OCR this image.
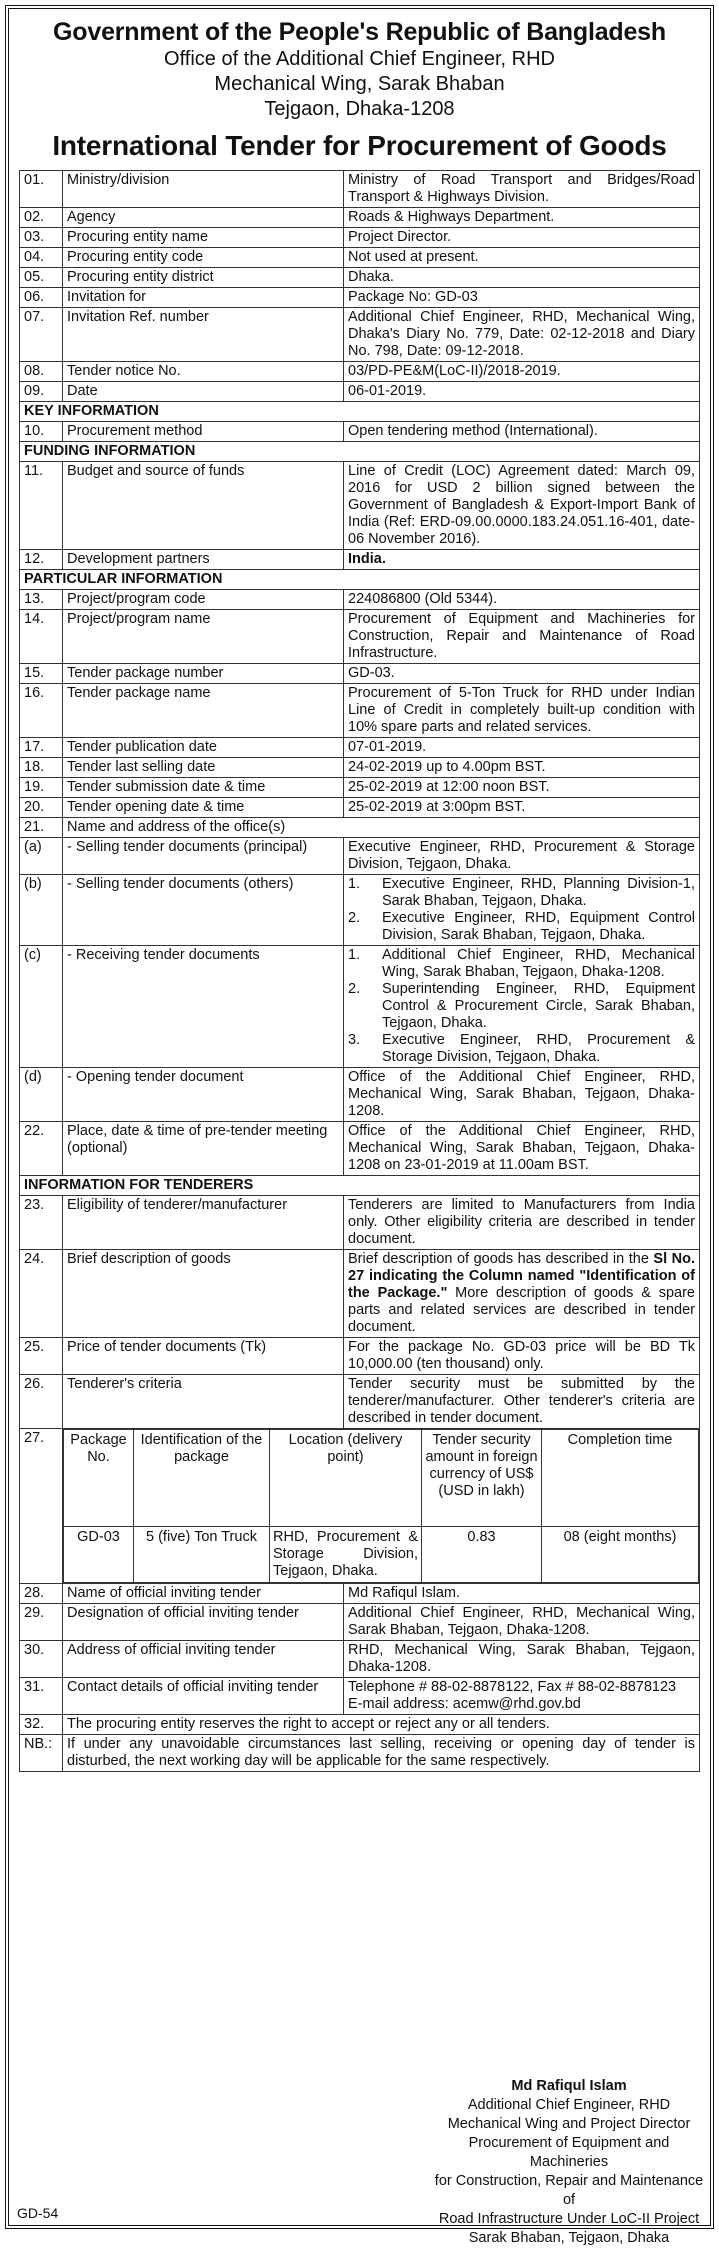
Government of the People's Republic of Bangladesh
Office of the Additional Chief Engineer, RHD
Mechanical Wing, Sarak Bhaban
Tejgaon, Dhaka-1208
International Tender for Procurement of Goods
01.	Ministry/division	Ministry of Road Transport and Bridges/Road Transport & Highways Division.
02.	Agency	Roads & Highways Department.
03.	Procuring entity name	Project Director.
04.	Procuring entity code	Not used at present.
05.	Procuring entity district	Dhaka.
06.	Invitation for	Package No: GD-03
07.	Invitation Ref. number	Additional Chief Engineer, RHD, Mechanical Wing, Dhaka's Diary No. 779, Date: 02-12-2018 and Diary No. 798, Date: 09-12-2018.
08.	Tender notice No.	03/PD-PE&M(LoC-II)/2018-2019.
09.	Date	06-01-2019.
KEY INFORMATION
10.	Procurement method	Open tendering method (International).
FUNDING INFORMATION
11.	Budget and source of funds	Line of Credit (LOC) Agreement dated: March 09, 2016 for USD 2 billion signed between the Government of Bangladesh & Export-Import Bank of India (Ref: ERD-09.00.0000.183.24.051.16-401, date-06 November 2016).
12.	Development partners	India.
PARTICULAR INFORMATION
13.	Project/program code	224086800 (Old 5344).
14.	Project/program name	Procurement of Equipment and Machineries for Construction, Repair and Maintenance of Road Infrastructure.
15.	Tender package number	GD-03.
16.	Tender package name	Procurement of 5-Ton Truck for RHD under Indian Line of Credit in completely built-up condition with 10% spare parts and related services.
17.	Tender publication date	07-01-2019.
18.	Tender last selling date	24-02-2019 up to 4.00pm BST.
19.	Tender submission date & time	25-02-2019 at 12:00 noon BST.
20.	Tender opening date & time	25-02-2019 at 3:00pm BST.
21.	Name and address of the office(s)
(a)	- Selling tender documents (principal)	Executive Engineer, RHD, Procurement & Storage Division, Tejgaon, Dhaka.
(b)	- Selling tender documents (others)	1.	Executive Engineer, RHD, Planning Division-1, Sarak Bhaban, Tejgaon, Dhaka.
2.	Executive Engineer, RHD, Equipment Control Division, Sarak Bhaban, Tejgaon, Dhaka.

(c)	- Receiving tender documents	1.	Additional Chief Engineer, RHD, Mechanical Wing, Sarak Bhaban, Tejgaon, Dhaka-1208.
2.	Superintending Engineer, RHD, Equipment Control & Procurement Circle, Sarak Bhaban, Tejgaon, Dhaka.
3.	Executive Engineer, RHD, Procurement & Storage Division, Tejgaon, Dhaka.

(d)	- Opening tender document	Office of the Additional Chief Engineer, RHD, Mechanical Wing, Sarak Bhaban, Tejgaon, Dhaka-1208.
22.	Place, date & time of pre-tender meeting (optional)	Office of the Additional Chief Engineer, RHD, Mechanical Wing, Sarak Bhaban, Tejgaon, Dhaka-1208 on 23-01-2019 at 11.00am BST.
INFORMATION FOR TENDERERS
23.	Eligibility of tenderer/manufacturer	Tenderers are limited to Manufacturers from India only. Other eligibility criteria are described in tender document.
24.	Brief description of goods	Brief description of goods has described in the Sl No. 27 indicating the Column named "Identification of the Package." More description of goods & spare parts and related services are described in tender document.
25.	Price of tender documents (Tk)	For the package No. GD-03 price will be BD Tk 10,000.00 (ten thousand) only.
26.	Tenderer's criteria	Tender security must be submitted by the tenderer/manufacturer. Other tenderer's criteria are described in tender document.
27.	Package No.	Identification of the package	Location (delivery point)	Tender security amount in foreign currency of US$ (USD in lakh)	Completion time
GD-03	5 (five) Ton Truck	RHD, Procurement & Storage Division, Tejgaon, Dhaka.	0.83	08 (eight months)

28.	Name of official inviting tender	Md Rafiqul Islam.
29.	Designation of official inviting tender	Additional Chief Engineer, RHD, Mechanical Wing, Sarak Bhaban, Tejgaon, Dhaka-1208.
30.	Address of official inviting tender	RHD, Mechanical Wing, Sarak Bhaban, Tejgaon, Dhaka-1208.
31.	Contact details of official inviting tender	Telephone # 88-02-8878122, Fax # 88-02-8878123
E-mail address: acemw@rhd.gov.bd

32.	The procuring entity reserves the right to accept or reject any or all tenders.
NB.:	If under any unavoidable circumstances last selling, receiving or opening day of tender is disturbed, the next working day will be applicable for the same respectively.
Md Rafiqul Islam
Additional Chief Engineer, RHD
Mechanical Wing and Project Director
Procurement of Equipment and Machineries
for Construction, Repair and Maintenance of
Road Infrastructure Under LoC-II Project
Sarak Bhaban, Tejgaon, Dhaka
GD-54
